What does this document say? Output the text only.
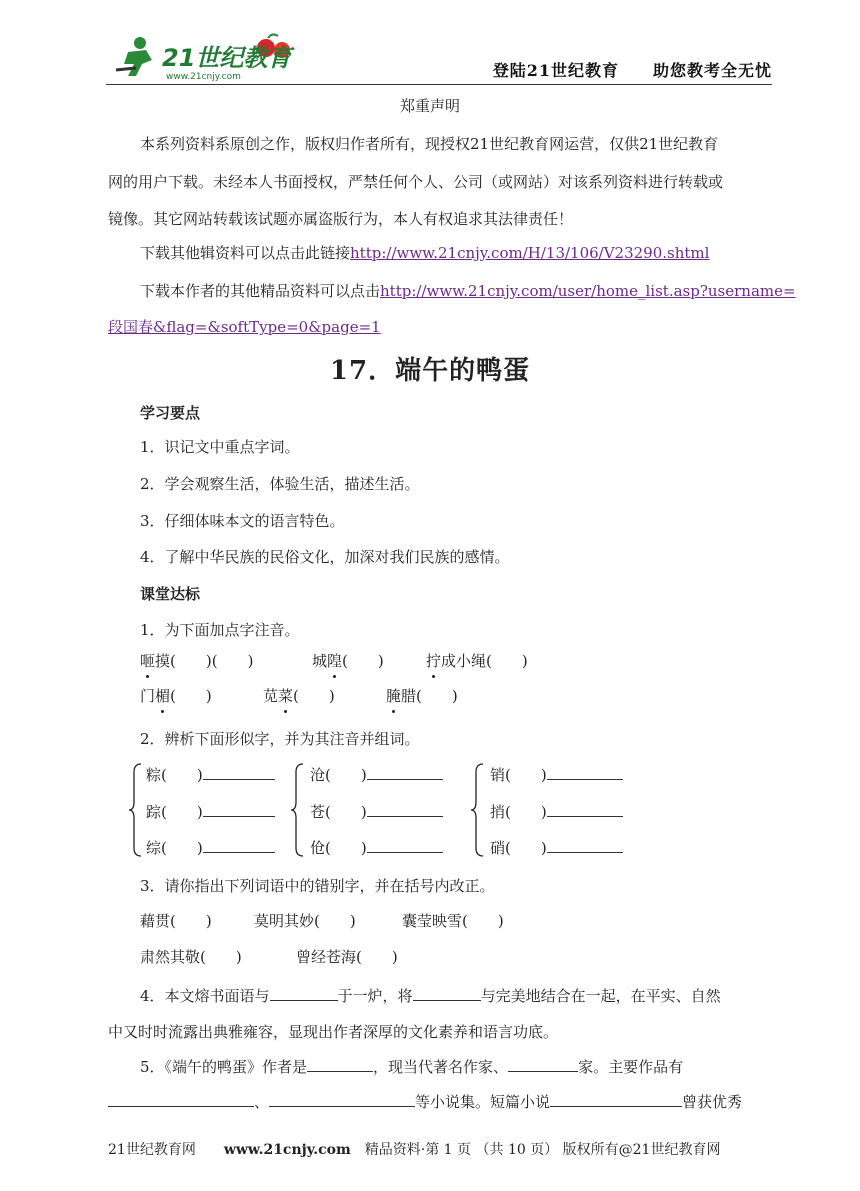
21世纪教育
www.21cnjy.com	登陆21世纪教育　　助您教考全无忧
郑重声明
本系列资料系原创之作，版权归作者所有，现授权21世纪教育网运营，仅供21世纪教育
网的用户下载。未经本人书面授权，严禁任何个人、公司（或网站）对该系列资料进行转载或
镜像。其它网站转载该试题亦属盗版行为，本人有权追求其法律责任！
下载其他辑资料可以点击此链接http://www.21cnjy.com/H/13/106/V23290.shtml
下载本作者的其他精品资料可以点击http://www.21cnjy.com/user/home_list.asp?username=
段国春&flag=&softType=0&page=1
17．端午的鸭蛋
学习要点
1．识记文中重点字词。
2．学会观察生活，体验生活，描述生活。
3．仔细体味本文的语言特色。
4．了解中华民族的民俗文化，加深对我们民族的感情。
课堂达标
1．为下面加点字注音。
咂摸(　　)(　　)	城隍(　　)	拧成小绳(　　)
门楣(　　)	苋菜(　　)	腌腊(　　)
2．辨析下面形似字，并为其注音并组词。
粽(　　)
踪(　　)
综(　　)
沧(　　)
苍(　　)
伧(　　)
销(　　)
捎(　　)
硝(　　)
3．请你指出下列词语中的错别字，并在括号内改正。
藉贯(　　)	莫明其妙(　　)	囊莹映雪(　　)
肃然其敬(　　)	曾经苍海(　　)
4．本文熔书面语与	于一炉，将	与完美地结合在一起，在平实、自然
中又时时流露出典雅雍容，显现出作者深厚的文化素养和语言功底。
5．《端午的鸭蛋》作者是	，现当代著名作家、	家。主要作品有
、	等小说集。短篇小说	曾获优秀
21世纪教育网　　 www.21cnjy.com　 精品资料·第 1 页 （共 10 页） 版权所有@21世纪教育网
